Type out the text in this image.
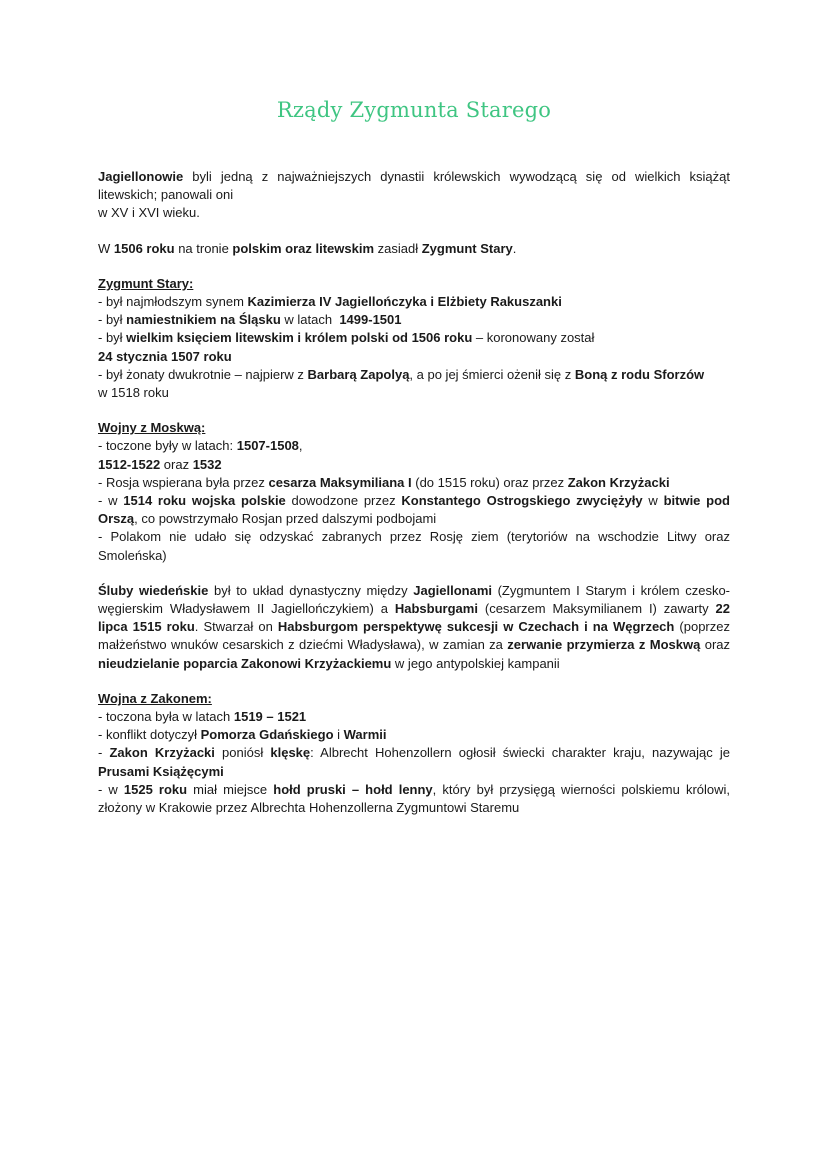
Rządy Zygmunta Starego

Jagiellonowie byli jedną z najważniejszych dynastii królewskich wywodzącą się od wielkich książąt litewskich; panowali oni

w XV i XVI wieku.

W 1506 roku na tronie polskim oraz litewskim zasiadł Zygmunt Stary.

Zygmunt Stary:

- był najmłodszym synem Kazimierza IV Jagiellończyka i Elżbiety Rakuszanki

- był namiestnikiem na Śląsku w latach  1499-1501

- był wielkim księciem litewskim i królem polski od 1506 roku – koronowany został

24 stycznia 1507 roku

- był żonaty dwukrotnie – najpierw z Barbarą Zapolyą, a po jej śmierci ożenił się z Boną z rodu Sforzów

w 1518 roku

Wojny z Moskwą:

- toczone były w latach: 1507-1508,

1512-1522 oraz 1532

- Rosja wspierana była przez cesarza Maksymiliana I (do 1515 roku) oraz przez Zakon Krzyżacki

- w 1514 roku wojska polskie dowodzone przez Konstantego Ostrogskiego zwyciężyły w bitwie pod Orszą, co powstrzymało Rosjan przed dalszymi podbojami

- Polakom nie udało się odzyskać zabranych przez Rosję ziem (terytoriów na wschodzie Litwy oraz Smoleńska)

Śluby wiedeńskie był to układ dynastyczny między Jagiellonami (Zygmuntem I Starym i królem czesko-węgierskim Władysławem II Jagiellończykiem) a Habsburgami (cesarzem Maksymilianem I) zawarty 22 lipca 1515 roku. Stwarzał on Habsburgom perspektywę sukcesji w Czechach i na Węgrzech (poprzez małżeństwo wnuków cesarskich z dziećmi Władysława), w zamian za zerwanie przymierza z Moskwą oraz nieudzielanie poparcia Zakonowi Krzyżackiemu w jego antypolskiej kampanii

Wojna z Zakonem:

- toczona była w latach 1519 – 1521

- konflikt dotyczył Pomorza Gdańskiego i Warmii

- Zakon Krzyżacki poniósł klęskę: Albrecht Hohenzollern ogłosił świecki charakter kraju, nazywając je Prusami Książęcymi

- w 1525 roku miał miejsce hołd pruski – hołd lenny, który był przysięgą wierności polskiemu królowi, złożony w Krakowie przez Albrechta Hohenzollerna Zygmuntowi Staremu
